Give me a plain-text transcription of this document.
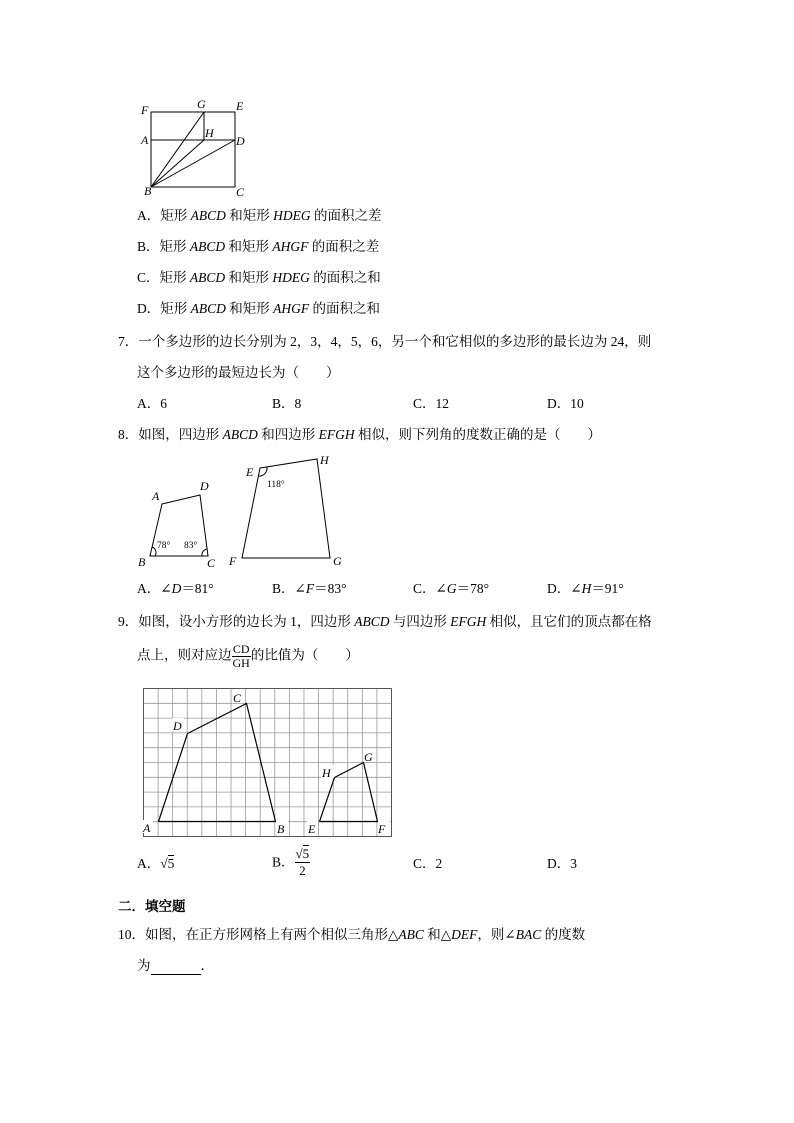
F	G	E
A	H
D
B	C
A．矩形 ABCD 和矩形 HDEG 的面积之差
B．矩形 ABCD 和矩形 AHGF 的面积之差
C．矩形 ABCD 和矩形 HDEG 的面积之和
D．矩形 ABCD 和矩形 AHGF 的面积之和
7．一个多边形的边长分别为 2，3，4，5，6，另一个和它相似的多边形的最长边为 24，则
这个多边形的最短边长为（　　）
A．6	B．8	C．12	D．10
8．如图，四边形 ABCD 和四边形 EFGH 相似，则下列角的度数正确的是（　　）
A
D
B	C
E
H
F	G
78° 83°
118°
A．∠D＝81°	B．∠F＝83°	C．∠G＝78°	D．∠H＝91°
9．如图，设小方形的边长为 1，四边形 ABCD 与四边形 EFGH 相似，且它们的顶点都在格
点上，则对应边 $\frac{CD}{GH}$ 的比值为（　　）
A
D
C
B E
H
G
F
A．√5	B． $\frac{√5}{2}$	C．2	D．3
二．填空题
10．如图，在正方形网格上有两个相似三角形△ABC 和△DEF，则∠BAC 的度数
为	．
